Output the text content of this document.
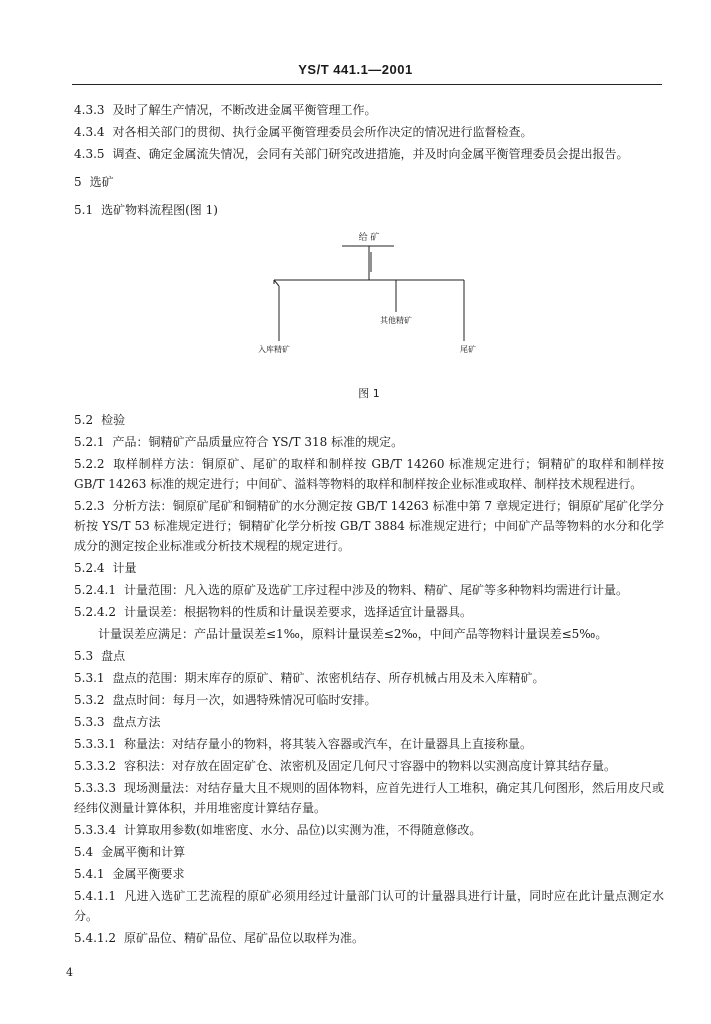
YS/T 441.1—2001

4.3.3 及时了解生产情况，不断改进金属平衡管理工作。

4.3.4 对各相关部门的贯彻、执行金属平衡管理委员会所作决定的情况进行监督检查。

4.3.5 调查、确定金属流失情况，会同有关部门研究改进措施，并及时向金属平衡管理委员会提出报告。

5 选矿

5.1 选矿物料流程图(图 1)

给 矿
其他精矿
入库精矿	尾矿
图 1

5.2 检验

5.2.1 产品：铜精矿产品质量应符合 YS/T 318 标准的规定。

5.2.2 取样制样方法：铜原矿、尾矿的取样和制样按 GB/T 14260 标准规定进行；铜精矿的取样和制样按 GB/T 14263 标准的规定进行；中间矿、溢料等物料的取样和制样按企业标准或取样、制样技术规程进行。

5.2.3 分析方法：铜原矿尾矿和铜精矿的水分测定按 GB/T 14263 标准中第 7 章规定进行；铜原矿尾矿化学分析按 YS/T 53 标准规定进行；铜精矿化学分析按 GB/T 3884 标准规定进行；中间矿产品等物料的水分和化学成分的测定按企业标准或分析技术规程的规定进行。

5.2.4 计量

5.2.4.1 计量范围：凡入选的原矿及选矿工序过程中涉及的物料、精矿、尾矿等多种物料均需进行计量。

5.2.4.2 计量误差：根据物料的性质和计量误差要求，选择适宜计量器具。

计量误差应满足：产品计量误差≤1‰，原料计量误差≤2‰，中间产品等物料计量误差≤5‰。

5.3 盘点

5.3.1 盘点的范围：期末库存的原矿、精矿、浓密机结存、所存机械占用及未入库精矿。

5.3.2 盘点时间：每月一次，如遇特殊情况可临时安排。

5.3.3 盘点方法

5.3.3.1 称量法：对结存量小的物料，将其装入容器或汽车，在计量器具上直接称量。

5.3.3.2 容积法：对存放在固定矿仓、浓密机及固定几何尺寸容器中的物料以实测高度计算其结存量。

5.3.3.3 现场测量法：对结存量大且不规则的固体物料，应首先进行人工堆积，确定其几何图形，然后用皮尺或经纬仪测量计算体积，并用堆密度计算结存量。

5.3.3.4 计算取用参数(如堆密度、水分、品位)以实测为准，不得随意修改。

5.4 金属平衡和计算

5.4.1 金属平衡要求

5.4.1.1 凡进入选矿工艺流程的原矿必须用经过计量部门认可的计量器具进行计量，同时应在此计量点测定水分。

5.4.1.2 原矿品位、精矿品位、尾矿品位以取样为准。

4
